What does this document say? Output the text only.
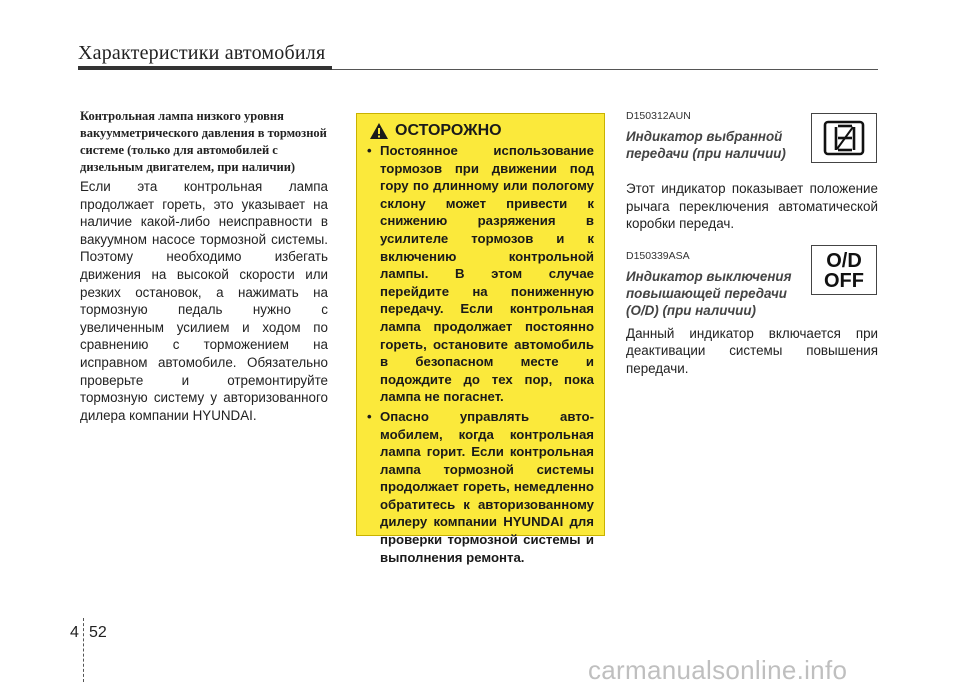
Характеристики автомобиля

Контрольная лампа низкого уровня вакуумметрического давления в тормозной системе (только для автомобилей с дизельным двигателем, при наличии)

Если эта контрольная лампа продолжает гореть, это указывает на наличие какой-либо неисправности в вакуумном насосе тормозной системы. Поэтому необходимо избегать движения на высокой скорости или резких остановок, а нажимать на тормозную педаль нужно с увеличенным усилием и ходом по сравнению с торможением на исправном автомобиле. Обязательно проверьте и отремонтируйте тормозную систему у авторизованного дилера компании HYUNDAI.

ОСТОРОЖНО
• Постоянное использование тормозов при движении под гору по длинному или пологому склону может привести к снижению разряжения в усилителе тормозов и к включению контрольной лампы. В этом случае перейдите на пониженную передачу. Если контрольная лампа продолжает постоянно гореть, остановите автомобиль в безопасном месте и подождите до тех пор, пока лампа не погаснет.
• Опасно управлять авто-мобилем, когда контрольная лампа горит. Если контрольная лампа тормозной системы продолжает гореть, немедленно обратитесь к авторизованному дилеру компании HYUNDAI для проверки тормозной системы и выполнения ремонта.

D150312AUN

Индикатор выбранной передачи (при наличии)

Этот индикатор показывает положение рычага переключения автоматической коробки передач.

D150339ASA

Индикатор выключения повышающей передачи (O/D) (при наличии)

Данный индикатор включается при деактивации системы повышения передачи.

O/D
OFF
4 52
carmanualsonline.info
